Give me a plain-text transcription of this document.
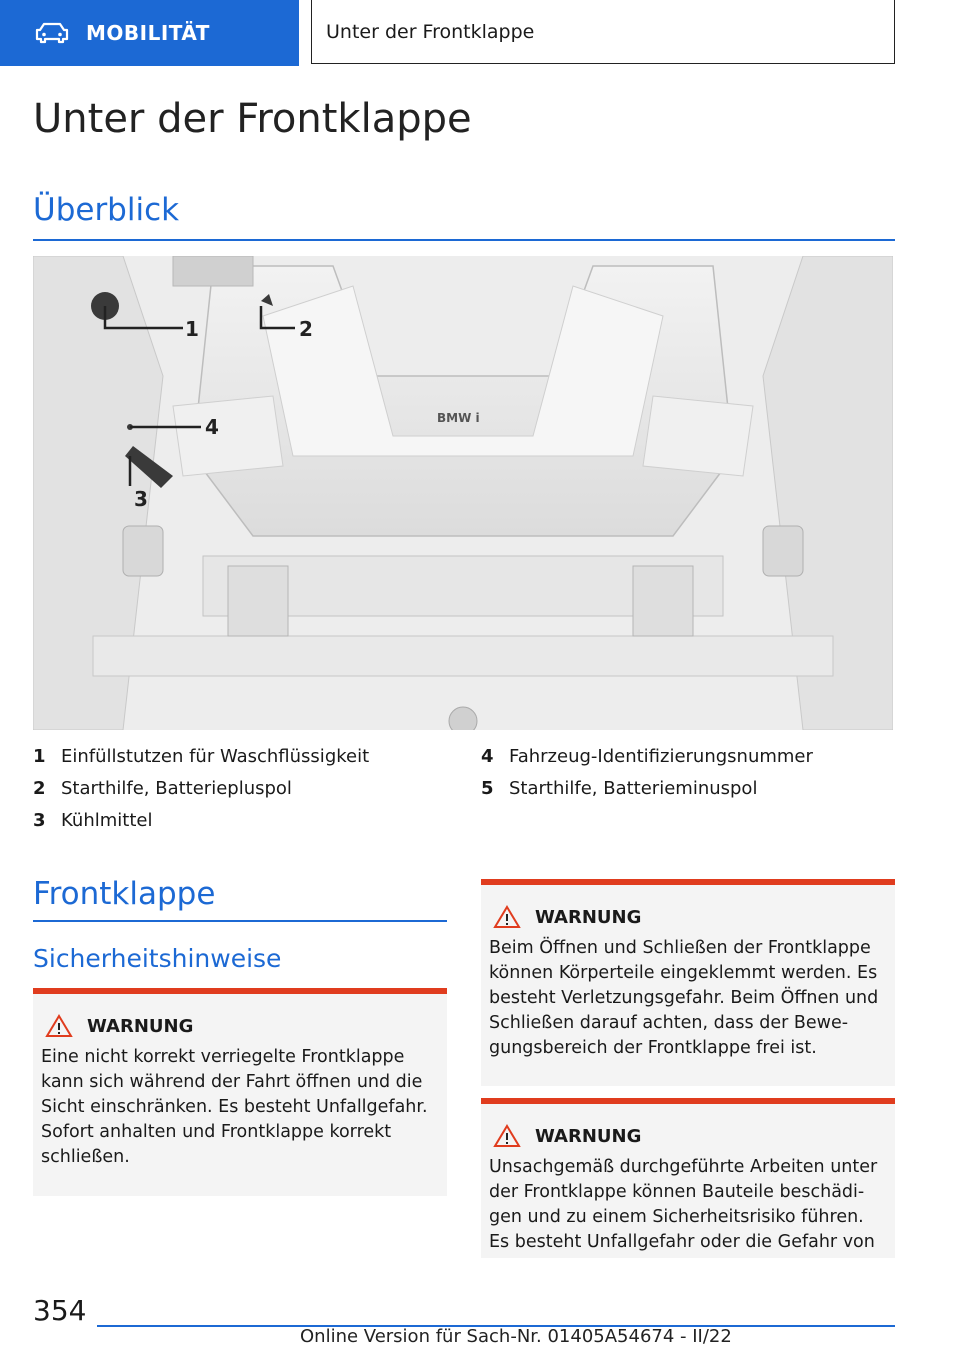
MOBILITÄT	Unter der Frontklappe
Unter der Frontklappe
Überblick
BMW i
1	2
3
4
1 Einfüllstutzen für Waschflüssigkeit
2 Starthilfe, Batteriepluspol
3 Kühlmittel
4 Fahrzeug-Identifizierungsnummer
5 Starthilfe, Batterieminuspol
Frontklappe
Sicherheitshinweise
WARNUNG
Eine nicht korrekt verriegelte Frontklappe kann sich während der Fahrt öffnen und die Sicht einschränken. Es besteht Unfallgefahr. Sofort anhalten und Frontklappe korrekt schließen.
WARNUNG
Beim Öffnen und Schließen der Frontklappe können Körperteile eingeklemmt werden. Es besteht Verletzungsgefahr. Beim Öffnen und Schließen darauf achten, dass der Bewe‐gungsbereich der Frontklappe frei ist.
WARNUNG
Unsachgemäß durchgeführte Arbeiten unter der Frontklappe können Bauteile beschädi‐gen und zu einem Sicherheitsrisiko führen. Es besteht Unfallgefahr oder die Gefahr von
354
Online Version für Sach-Nr. 01405A54674 - II/22
